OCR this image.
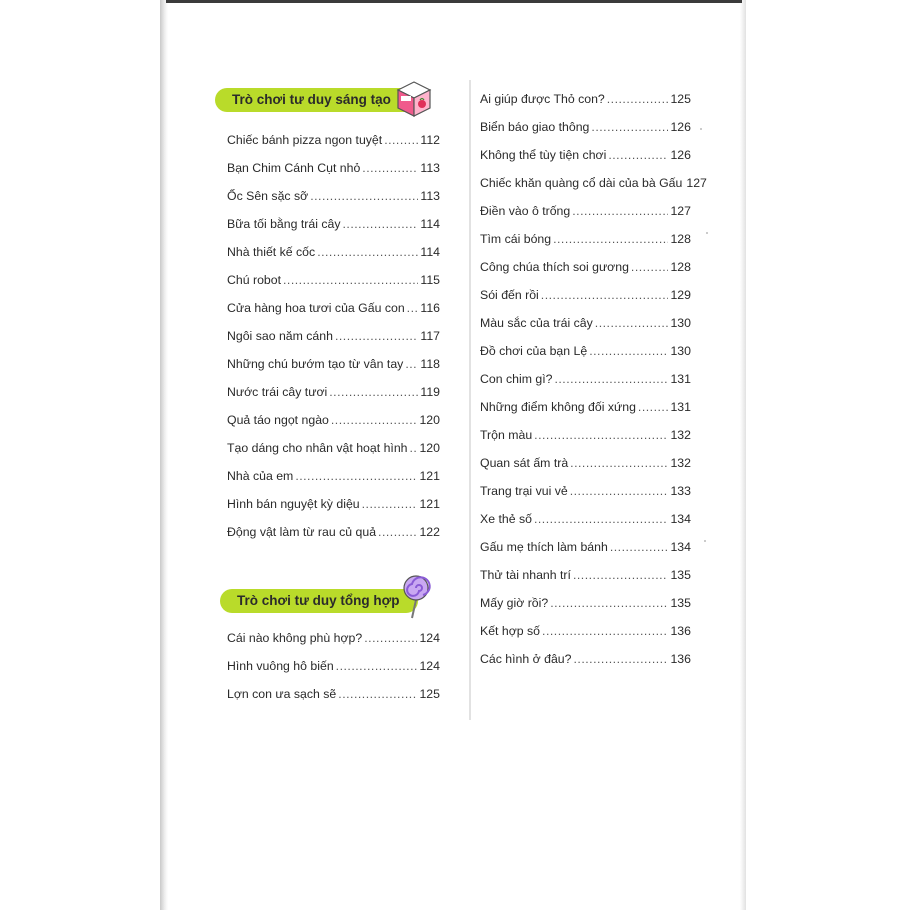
Trò chơi tư duy sáng tạo
Chiếc bánh pizza ngon tuyệt .....	112
Bạn Chim Cánh Cụt nhỏ .....	113
Ốc Sên sặc sỡ .....	113
Bữa tối bằng trái cây .....	114
Nhà thiết kế cốc .....	114
Chú robot .....	115
Cửa hàng hoa tươi của Gấu con ..... 116
Ngôi sao năm cánh .....	117
Những chú bướm tạo từ vân tay ..... 118
Nước trái cây tươi .....	119
Quả táo ngọt ngào .....	120
Tạo dáng cho nhân vật hoạt hình ..... 120
Nhà của em .....	121
Hình bán nguyệt kỳ diệu .....	121
Động vật làm từ rau củ quả .....	122
Trò chơi tư duy tổng hợp
Cái nào không phù hợp? .....	124
Hình vuông hô biến .....	124
Lợn con ưa sạch sẽ .....	125
Ai giúp được Thỏ con? .....	125
Biển báo giao thông .....	126
Không thể tùy tiện chơi .....	126
Chiếc khăn quàng cổ dài của bà Gấu 127
Điền vào ô trống .....	127
Tìm cái bóng .....	128
Công chúa thích soi gương .....	128
Sói đến rồi .....	129
Màu sắc của trái cây .....	130
Đồ chơi của bạn Lệ .....	130
Con chim gì? .....	131
Những điểm không đối xứng .....	131
Trộn màu .....	132
Quan sát ấm trà .....	132
Trang trại vui vẻ .....	133
Xe thẻ số .....	134
Gấu mẹ thích làm bánh .....	134
Thử tài nhanh trí .....	135
Mấy giờ rồi? .....	135
Kết hợp số .....	136
Các hình ở đâu? .....	136
